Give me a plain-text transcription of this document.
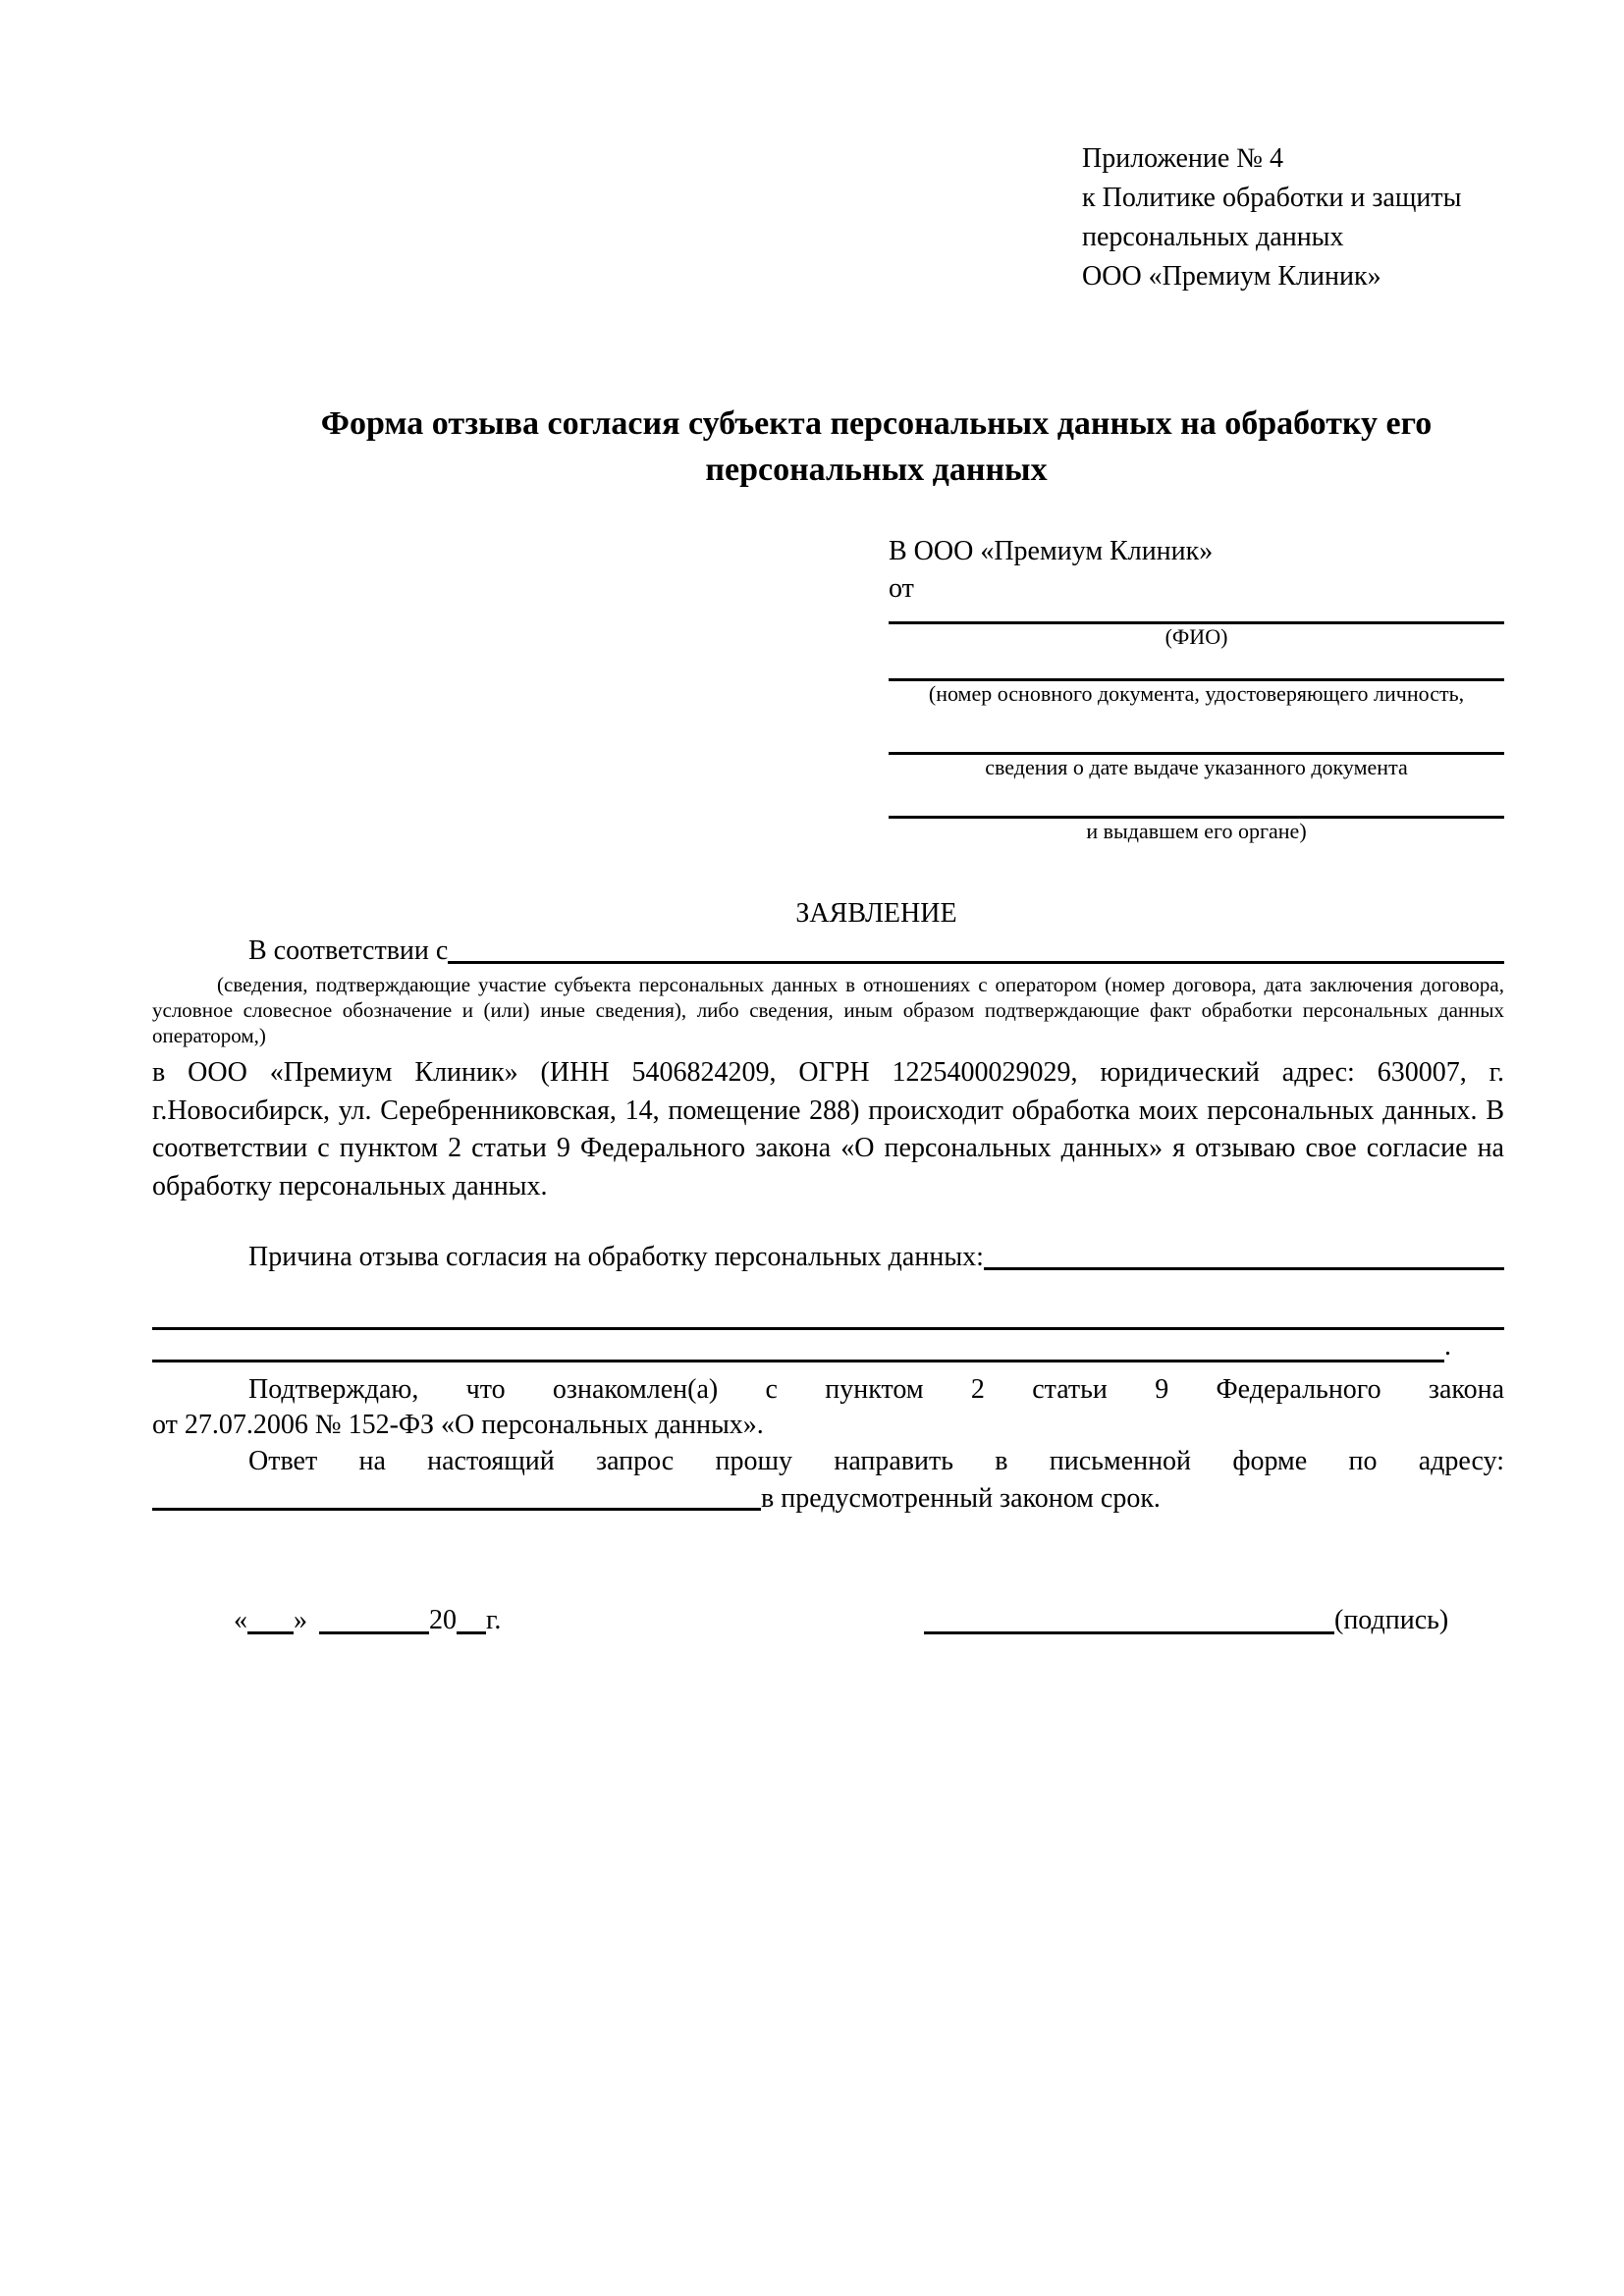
Приложение № 4
к Политике обработки и защиты
персональных данных
ООО «Премиум Клиник»
Форма отзыва согласия субъекта персональных данных на обработку его персональных данных
В ООО «Премиум Клиник»
от
(ФИО)
(номер основного документа, удостоверяющего личность,
сведения о дате выдаче указанного документа
и выдавшем его органе)
ЗАЯВЛЕНИЕ
В соответствии с
(сведения, подтверждающие участие субъекта персональных данных в отношениях с оператором (номер договора, дата заключения договора, условное словесное обозначение и (или) иные сведения), либо сведения, иным образом подтверждающие факт обработки персональных данных оператором,)
в ООО «Премиум Клиник» (ИНН 5406824209, ОГРН 1225400029029, юридический адрес: 630007, г. г.Новосибирск, ул. Серебренниковская, 14, помещение 288) происходит обработка моих персональных данных. В соответствии с пунктом 2 статьи 9 Федерального закона «О персональных данных» я отзываю свое согласие на обработку персональных данных.
Причина отзыва согласия на обработку персональных данных:
.
Подтверждаю, что ознакомлен(а) с пунктом 2 статьи 9 Федерального закона
от 27.07.2006 № 152-ФЗ «О персональных данных».
Ответ на настоящий запрос прошу направить в письменной форме по адресу: в предусмотренный законом срок.
« »	20 г.	(подпись)
